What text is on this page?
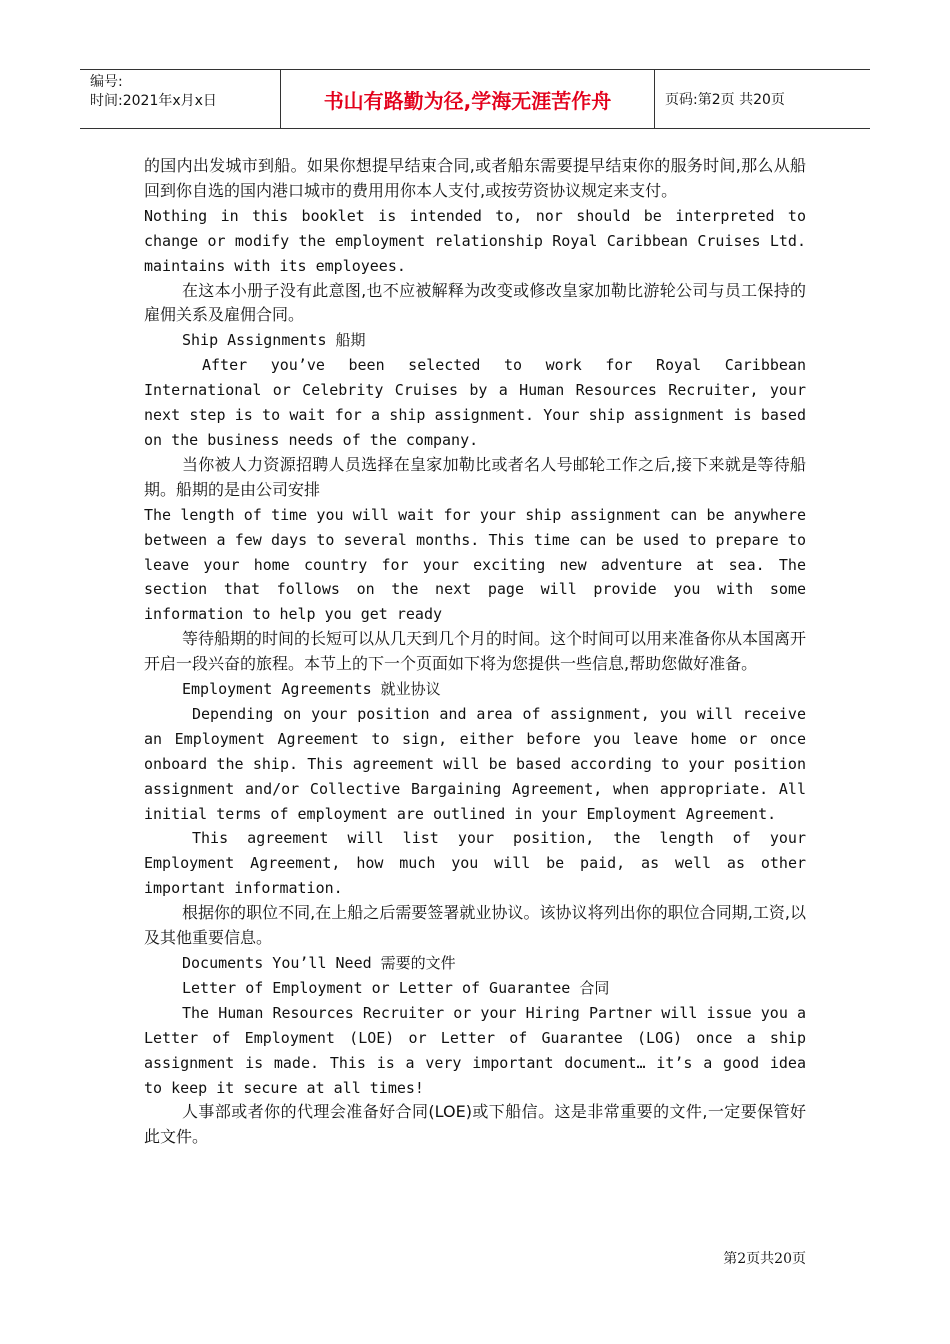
编号:
时间:2021年x月x日	书山有路勤为径,学海无涯苦作舟	页码:第2页 共20页

的国内出发城市到船。如果你想提早结束合同,或者船东需要提早结束你的服务时间,那么从船回到你自选的国内港口城市的费用用你本人支付,或按劳资协议规定来支付。

Nothing in this booklet is intended to, nor should be interpreted to change or modify the employment relationship Royal Caribbean Cruises Ltd. maintains with its employees.

在这本小册子没有此意图,也不应被解释为改变或修改皇家加勒比游轮公司与员工保持的雇佣关系及雇佣合同。

Ship Assignments 船期

After you’ve been selected to work for Royal Caribbean International or Celebrity Cruises by a Human Resources Recruiter, your next step is to wait for a ship assignment. Your ship assignment is based on the business needs of the company.

当你被人力资源招聘人员选择在皇家加勒比或者名人号邮轮工作之后,接下来就是等待船期。船期的是由公司安排

The length of time you will wait for your ship assignment can be anywhere between a few days to several months. This time can be used to prepare to leave your home country for your exciting new adventure at sea. The section that follows on the next page will provide you with some information to help you get ready

等待船期的时间的长短可以从几天到几个月的时间。这个时间可以用来准备你从本国离开开启一段兴奋的旅程。本节上的下一个页面如下将为您提供一些信息,帮助您做好准备。

Employment Agreements 就业协议

Depending on your position and area of assignment, you will receive an Employment Agreement to sign, either before you leave home or once onboard the ship. This agreement will be based according to your position assignment and/or Collective Bargaining Agreement, when appropriate. All initial terms of employment are outlined in your Employment Agreement.

This agreement will list your position, the length of your Employment Agreement, how much you will be paid, as well as other important information.

根据你的职位不同,在上船之后需要签署就业协议。该协议将列出你的职位合同期,工资,以及其他重要信息。

Documents You’ll Need 需要的文件

Letter of Employment or Letter of Guarantee 合同

The Human Resources Recruiter or your Hiring Partner will issue you a Letter of Employment (LOE) or Letter of Guarantee (LOG) once a ship assignment is made. This is a very important document… it’s a good idea to keep it secure at all times!

人事部或者你的代理会准备好合同(LOE)或下船信。这是非常重要的文件,一定要保管好此文件。

第2页共20页
